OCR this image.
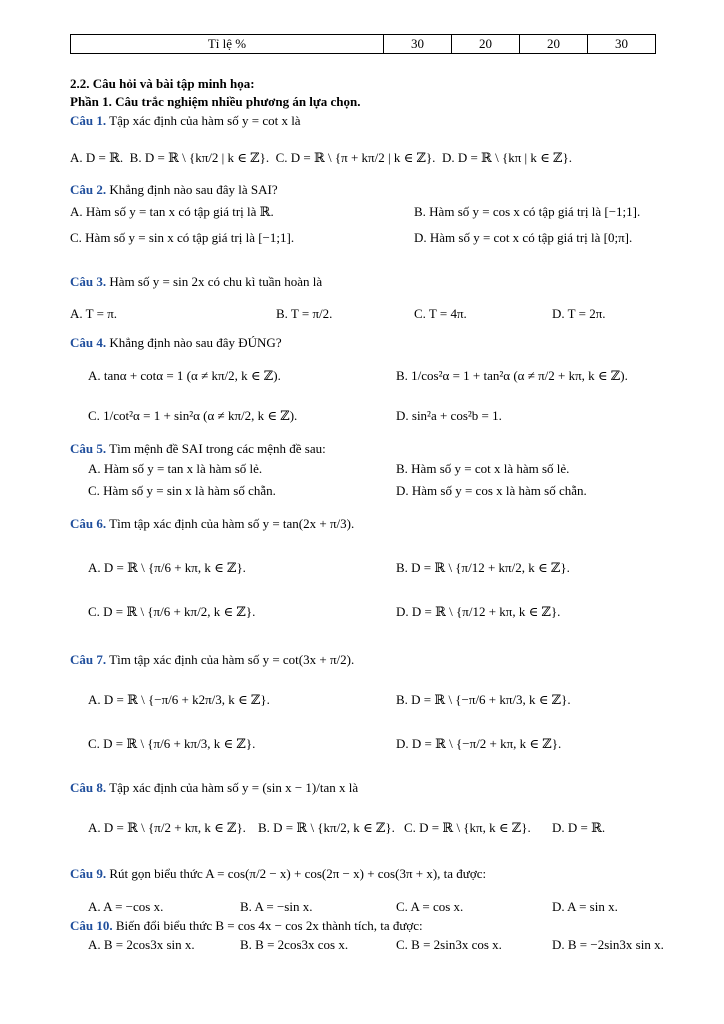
Tỉ lệ %	30	20	20	30
2.2. Câu hỏi và bài tập minh họa:
Phần 1. Câu trắc nghiệm nhiều phương án lựa chọn.
Câu 1. Tập xác định của hàm số y = cot x là
A. D = ℝ. B. D = ℝ \ {kπ/2 | k ∈ ℤ}. C. D = ℝ \ {π + kπ/2 | k ∈ ℤ}. D. D = ℝ \ {kπ | k ∈ ℤ}.
Câu 2. Khẳng định nào sau đây là SAI?
A. Hàm số y = tan x có tập giá trị là ℝ.	B. Hàm số y = cos x có tập giá trị là [−1;1].
C. Hàm số y = sin x có tập giá trị là [−1;1].	D. Hàm số y = cot x có tập giá trị là [0;π].
Câu 3. Hàm số y = sin 2x có chu kì tuần hoàn là
A. T = π.	B. T = π/2.	C. T = 4π.	D. T = 2π.
Câu 4. Khẳng định nào sau đây ĐÚNG?
A. tanα + cotα = 1 (α ≠ kπ/2, k ∈ ℤ).	B. 1/cos²α = 1 + tan²α (α ≠ π/2 + kπ, k ∈ ℤ).
C. 1/cot²α = 1 + sin²α (α ≠ kπ/2, k ∈ ℤ).	D. sin²a + cos²b = 1.
Câu 5. Tìm mệnh đề SAI trong các mệnh đề sau:
A. Hàm số y = tan x là hàm số lẻ.	B. Hàm số y = cot x là hàm số lẻ.
C. Hàm số y = sin x là hàm số chẵn.	D. Hàm số y = cos x là hàm số chẵn.
Câu 6. Tìm tập xác định của hàm số y = tan(2x + π/3).
A. D = ℝ \ {π/6 + kπ, k ∈ ℤ}.	B. D = ℝ \ {π/12 + kπ/2, k ∈ ℤ}.
C. D = ℝ \ {π/6 + kπ/2, k ∈ ℤ}.	D. D = ℝ \ {π/12 + kπ, k ∈ ℤ}.
Câu 7. Tìm tập xác định của hàm số y = cot(3x + π/2).
A. D = ℝ \ {−π/6 + k2π/3, k ∈ ℤ}.	B. D = ℝ \ {−π/6 + kπ/3, k ∈ ℤ}.
C. D = ℝ \ {π/6 + kπ/3, k ∈ ℤ}.	D. D = ℝ \ {−π/2 + kπ, k ∈ ℤ}.
Câu 8. Tập xác định của hàm số y = (sin x − 1)/tan x là
A. D = ℝ \ {π/2 + kπ, k ∈ ℤ}. B. D = ℝ \ {kπ/2, k ∈ ℤ}. C. D = ℝ \ {kπ, k ∈ ℤ}. D. D = ℝ.
Câu 9. Rút gọn biểu thức A = cos(π/2 − x) + cos(2π − x) + cos(3π + x), ta được:
A. A = −cos x.	B. A = −sin x.	C. A = cos x.	D. A = sin x.
Câu 10. Biến đổi biểu thức B = cos 4x − cos 2x thành tích, ta được:
A. B = 2cos3x sin x.	B. B = 2cos3x cos x.	C. B = 2sin3x cos x.	D. B = −2sin3x sin x.
